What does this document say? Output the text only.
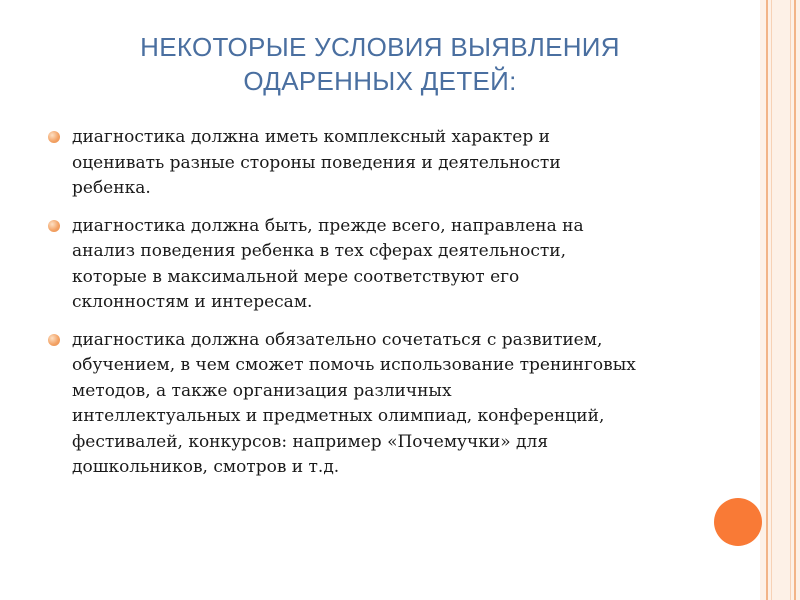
НЕКОТОРЫЕ УСЛОВИЯ ВЫЯВЛЕНИЯ
ОДАРЕННЫХ ДЕТЕЙ:
диагностика должна иметь комплексный характер и
оценивать разные стороны поведения и деятельности
ребенка.
диагностика должна быть, прежде всего, направлена на
анализ поведения ребенка в тех сферах деятельности,
которые в максимальной мере соответствуют его
склонностям и интересам.
диагностика должна обязательно сочетаться с развитием,
обучением, в чем сможет помочь использование тренинговых
методов, а также организация различных
интеллектуальных и предметных олимпиад, конференций,
фестивалей, конкурсов: например «Почемучки» для
дошкольников, смотров и т.д.
